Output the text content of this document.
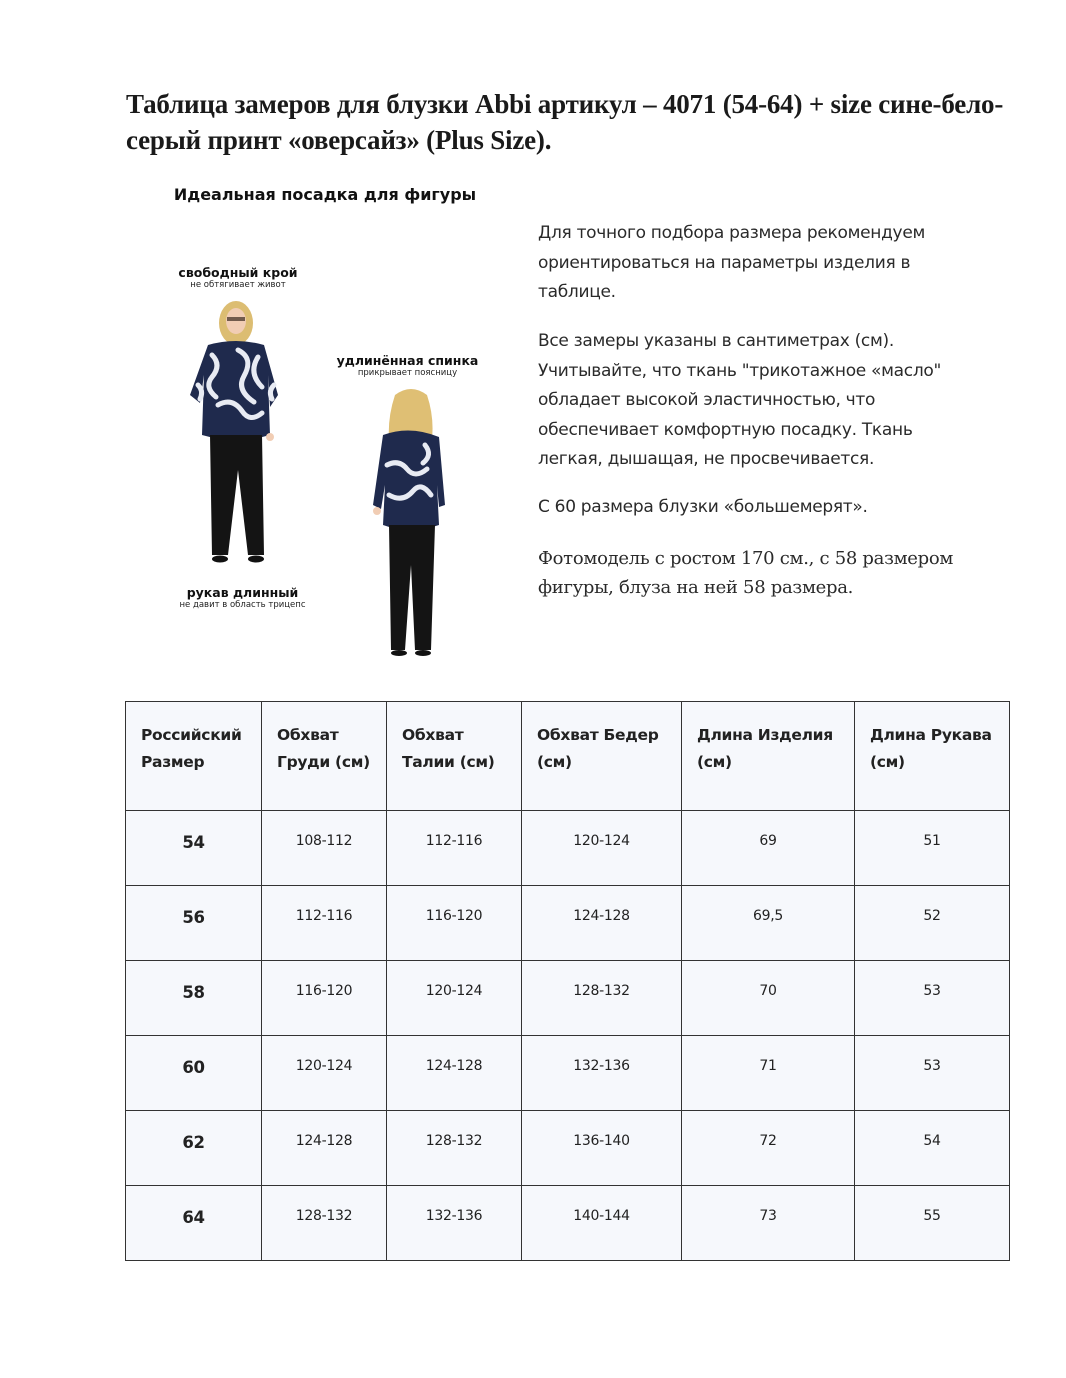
Таблица замеров для блузки Abbi артикул – 4071 (54-64) + size сине-бело-серый принт «оверсайз» (Plus Size).
Идеальная посадка для фигуры
свободный крой
не обтягивает живот
удлинённая спинка
прикрывает поясницу
рукав длинный
не давит в область трицепс

Для точного подбора размера рекомендуем ориентироваться на параметры изделия в таблице.

Все замеры указаны в сантиметрах (см). Учитывайте, что ткань "трикотажное «масло" обладает высокой эластичностью, что обеспечивает комфортную посадку. Ткань легкая, дышащая, не просвечивается.

С 60 размера блузки «большемерят».

Фотомодель с ростом 170 см., с 58 размером фигуры, блуза на ней 58 размера.

Российский Размер	Обхват Груди (см)	Обхват Талии (см)	Обхват Бедер (см)	Длина Изделия (см)	Длина Рукава (см)
54	108-112	112-116	120-124	69	51
56	112-116	116-120	124-128	69,5	52
58	116-120	120-124	128-132	70	53
60	120-124	124-128	132-136	71	53
62	124-128	128-132	136-140	72	54
64	128-132	132-136	140-144	73	55
